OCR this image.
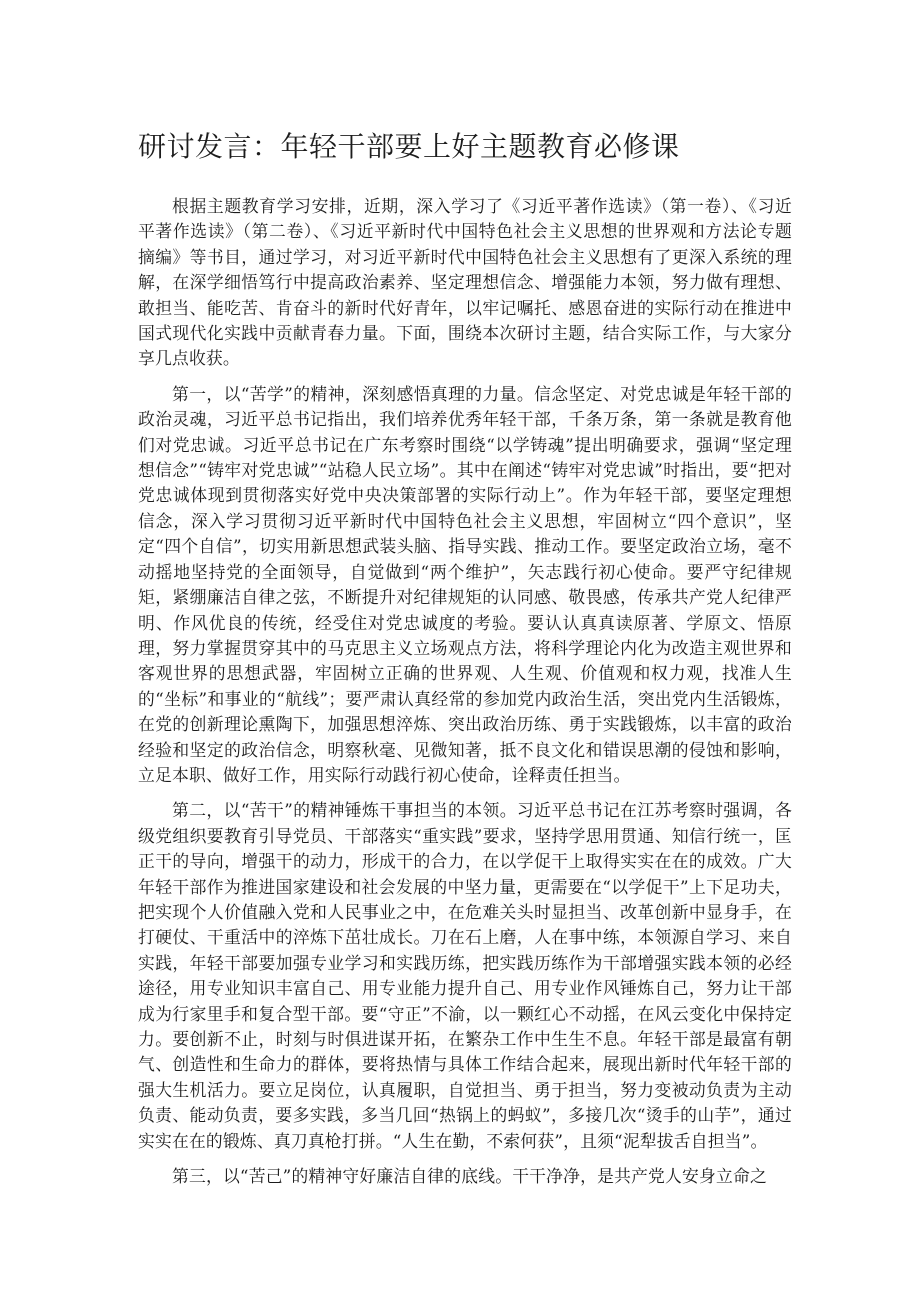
研讨发言：年轻干部要上好主题教育必修课

根据主题教育学习安排，近期，深入学习了《习近平著作选读》（第一卷）、《习近平著作选读》（第二卷）、《习近平新时代中国特色社会主义思想的世界观和方法论专题摘编》等书目，通过学习，对习近平新时代中国特色社会主义思想有了更深入系统的理解，在深学细悟笃行中提高政治素养、坚定理想信念、增强能力本领，努力做有理想、敢担当、能吃苦、肯奋斗的新时代好青年，以牢记嘱托、感恩奋进的实际行动在推进中国式现代化实践中贡献青春力量。下面，围绕本次研讨主题，结合实际工作，与大家分享几点收获。

第一，以“苦学”的精神，深刻感悟真理的力量。信念坚定、对党忠诚是年轻干部的政治灵魂，习近平总书记指出，我们培养优秀年轻干部，千条万条，第一条就是教育他们对党忠诚。习近平总书记在广东考察时围绕“以学铸魂”提出明确要求，强调“坚定理想信念”“铸牢对党忠诚”“站稳人民立场”。其中在阐述“铸牢对党忠诚”时指出，要“把对党忠诚体现到贯彻落实好党中央决策部署的实际行动上”。作为年轻干部，要坚定理想信念，深入学习贯彻习近平新时代中国特色社会主义思想，牢固树立“四个意识”，坚定“四个自信”，切实用新思想武装头脑、指导实践、推动工作。要坚定政治立场，毫不动摇地坚持党的全面领导，自觉做到“两个维护”，矢志践行初心使命。要严守纪律规矩，紧绷廉洁自律之弦，不断提升对纪律规矩的认同感、敬畏感，传承共产党人纪律严明、作风优良的传统，经受住对党忠诚度的考验。要认认真真读原著、学原文、悟原理，努力掌握贯穿其中的马克思主义立场观点方法，将科学理论内化为改造主观世界和客观世界的思想武器，牢固树立正确的世界观、人生观、价值观和权力观，找准人生的“坐标”和事业的“航线”；要严肃认真经常的参加党内政治生活，突出党内生活锻炼，在党的创新理论熏陶下，加强思想淬炼、突出政治历练、勇于实践锻炼，以丰富的政治经验和坚定的政治信念，明察秋毫、见微知著，抵不良文化和错误思潮的侵蚀和影响，立足本职、做好工作，用实际行动践行初心使命，诠释责任担当。

第二，以“苦干”的精神锤炼干事担当的本领。习近平总书记在江苏考察时强调，各级党组织要教育引导党员、干部落实“重实践”要求，坚持学思用贯通、知信行统一，匡正干的导向，增强干的动力，形成干的合力，在以学促干上取得实实在在的成效。广大年轻干部作为推进国家建设和社会发展的中坚力量，更需要在“以学促干”上下足功夫，把实现个人价值融入党和人民事业之中，在危难关头时显担当、改革创新中显身手，在打硬仗、干重活中的淬炼下茁壮成长。刀在石上磨，人在事中练，本领源自学习、来自实践，年轻干部要加强专业学习和实践历练，把实践历练作为干部增强实践本领的必经途径，用专业知识丰富自己、用专业能力提升自己、用专业作风锤炼自己，努力让干部成为行家里手和复合型干部。要“守正”不渝，以一颗红心不动摇，在风云变化中保持定力。要创新不止，时刻与时俱进谋开拓，在繁杂工作中生生不息。年轻干部是最富有朝气、创造性和生命力的群体，要将热情与具体工作结合起来，展现出新时代年轻干部的强大生机活力。要立足岗位，认真履职，自觉担当、勇于担当，努力变被动负责为主动负责、能动负责，要多实践，多当几回“热锅上的蚂蚁”，多接几次“烫手的山芋”，通过实实在在的锻炼、真刀真枪打拼。“人生在勤，不索何获”，且须“泥犁拔舌自担当”。

第三，以“苦己”的精神守好廉洁自律的底线。干干净净，是共产党人安身立命之
